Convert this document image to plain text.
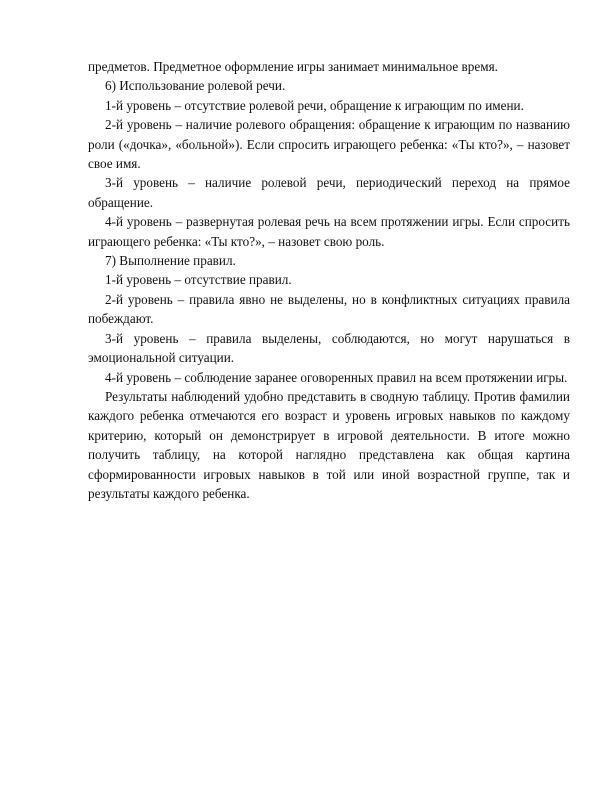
предметов. Предметное оформление игры занимает минимальное время.

6) Использование ролевой речи.

1-й уровень – отсутствие ролевой речи, обращение к играющим по имени.

2-й уровень – наличие ролевого обращения: обращение к играющим по названию роли («дочка», «больной»). Если спросить играющего ребенка: «Ты кто?», – назовет свое имя.

3-й уровень – наличие ролевой речи, периодический переход на прямое обращение.

4-й уровень – развернутая ролевая речь на всем протяжении игры. Если спросить играющего ребенка: «Ты кто?», – назовет свою роль.

7) Выполнение правил.

1-й уровень – отсутствие правил.

2-й уровень – правила явно не выделены, но в конфликтных ситуациях правила побеждают.

3-й уровень – правила выделены, соблюдаются, но могут нарушаться в эмоциональной ситуации.

4-й уровень – соблюдение заранее оговоренных правил на всем протяжении игры.

Результаты наблюдений удобно представить в сводную таблицу. Против фамилии каждого ребенка отмечаются его возраст и уровень игровых навыков по каждому критерию, который он демонстрирует в игровой деятельности. В итоге можно получить таблицу, на которой наглядно представлена как общая картина сформированности игровых навыков в той или иной возрастной группе, так и результаты каждого ребенка.
